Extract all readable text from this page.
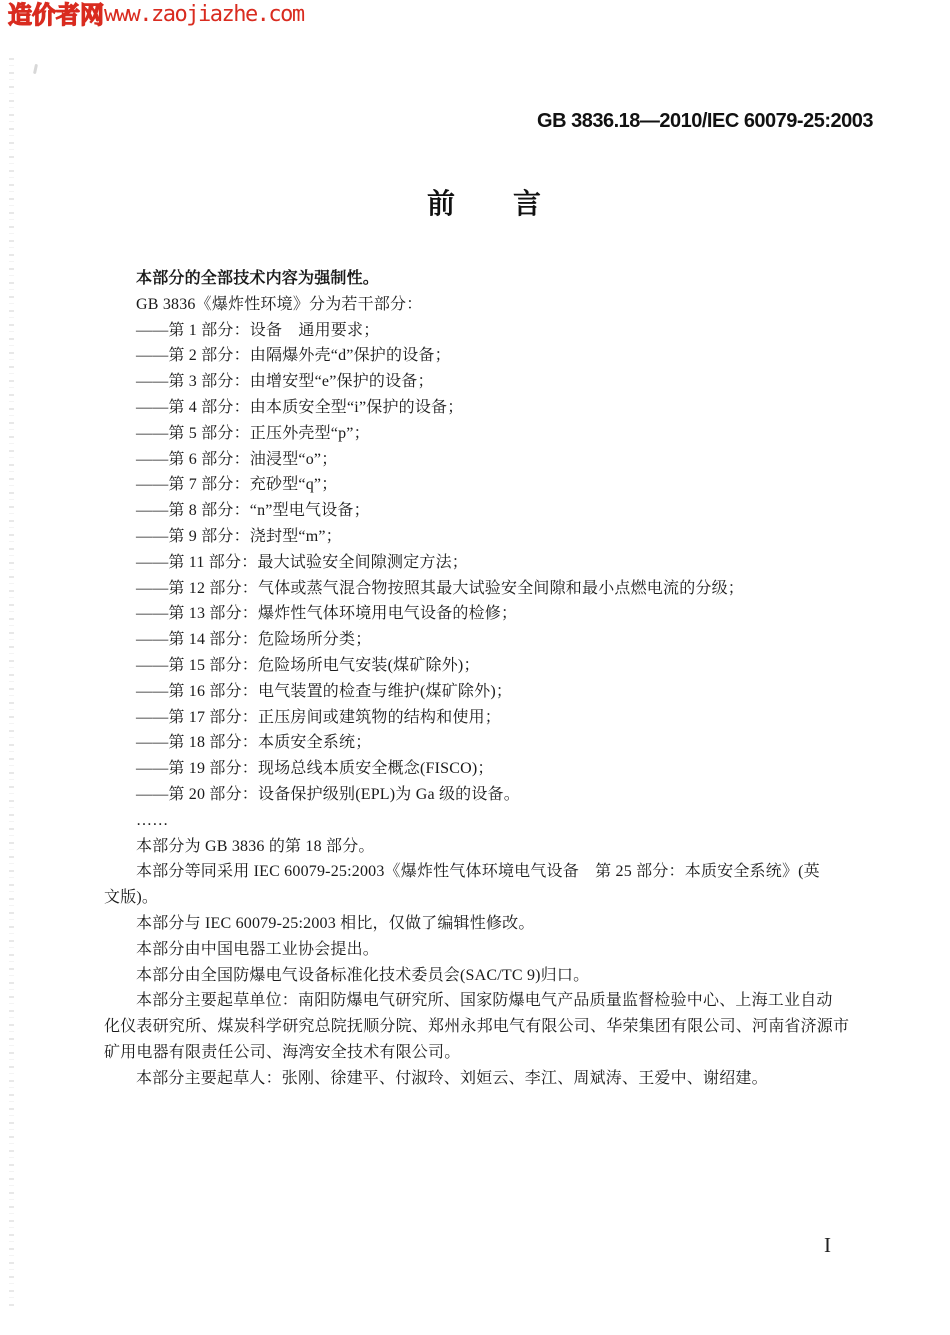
造价者网 www.zaojiazhe.com
GB 3836.18—2010/IEC 60079-25:2003
前 言
本部分的全部技术内容为强制性。
GB 3836《爆炸性环境》分为若干部分：
——第 1 部分：设备　通用要求；
——第 2 部分：由隔爆外壳“d”保护的设备；
——第 3 部分：由增安型“e”保护的设备；
——第 4 部分：由本质安全型“i”保护的设备；
——第 5 部分：正压外壳型“p”；
——第 6 部分：油浸型“o”；
——第 7 部分：充砂型“q”；
——第 8 部分：“n”型电气设备；
——第 9 部分：浇封型“m”；
——第 11 部分：最大试验安全间隙测定方法；
——第 12 部分：气体或蒸气混合物按照其最大试验安全间隙和最小点燃电流的分级；
——第 13 部分：爆炸性气体环境用电气设备的检修；
——第 14 部分：危险场所分类；
——第 15 部分：危险场所电气安装(煤矿除外)；
——第 16 部分：电气装置的检查与维护(煤矿除外)；
——第 17 部分：正压房间或建筑物的结构和使用；
——第 18 部分：本质安全系统；
——第 19 部分：现场总线本质安全概念(FISCO)；
——第 20 部分：设备保护级别(EPL)为 Ga 级的设备。
……
本部分为 GB 3836 的第 18 部分。
本部分等同采用 IEC 60079-25:2003《爆炸性气体环境电气设备　第 25 部分：本质安全系统》(英
文版)。
本部分与 IEC 60079-25:2003 相比，仅做了编辑性修改。
本部分由中国电器工业协会提出。
本部分由全国防爆电气设备标准化技术委员会(SAC/TC 9)归口。
本部分主要起草单位：南阳防爆电气研究所、国家防爆电气产品质量监督检验中心、上海工业自动
化仪表研究所、煤炭科学研究总院抚顺分院、郑州永邦电气有限公司、华荣集团有限公司、河南省济源市
矿用电器有限责任公司、海湾安全技术有限公司。
本部分主要起草人：张刚、徐建平、付淑玲、刘姮云、李江、周斌涛、王爱中、谢绍建。
I
